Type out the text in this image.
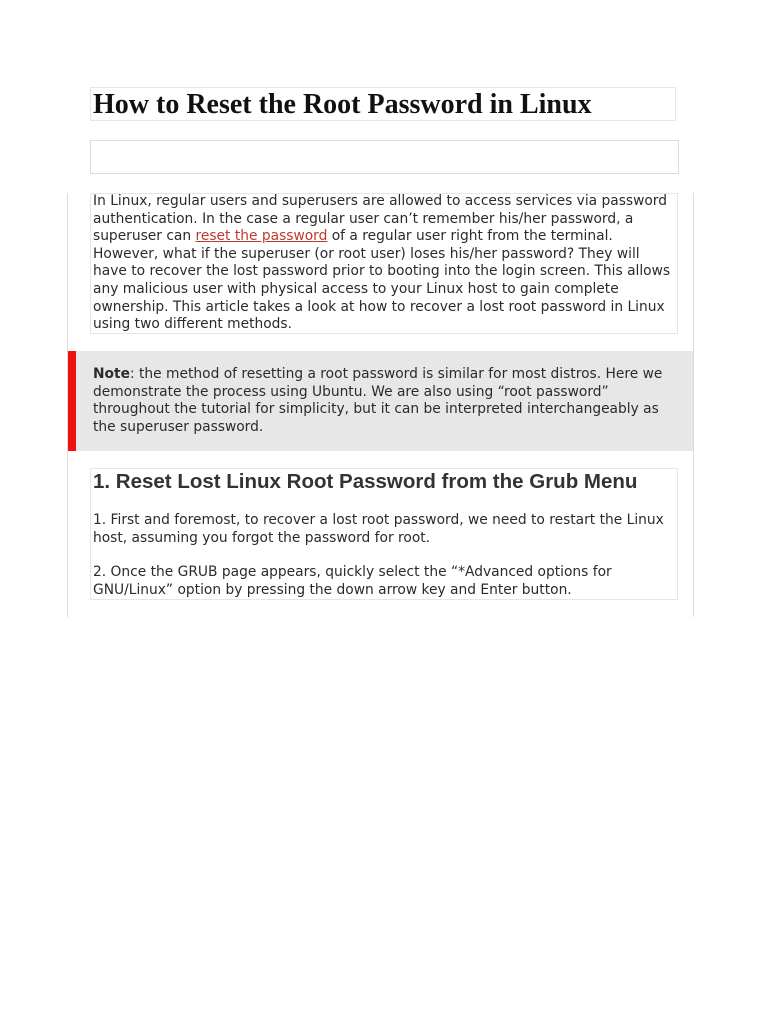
How to Reset the Root Password in Linux

In Linux, regular users and superusers are allowed to access services via password authentication. In the case a regular user can’t remember his/her password, a superuser can reset the password of a regular user right from the terminal. However, what if the superuser (or root user) loses his/her password? They will have to recover the lost password prior to booting into the login screen. This allows any malicious user with physical access to your Linux host to gain complete ownership. This article takes a look at how to recover a lost root password in Linux using two different methods.

Note: the method of resetting a root password is similar for most distros. Here we demonstrate the process using Ubuntu. We are also using “root password” throughout the tutorial for simplicity, but it can be interpreted interchangeably as the superuser password.

1. Reset Lost Linux Root Password from the Grub Menu

1. First and foremost, to recover a lost root password, we need to restart the Linux host, assuming you forgot the password for root.

2. Once the GRUB page appears, quickly select the “*Advanced options for GNU/Linux” option by pressing the down arrow key and Enter button.
